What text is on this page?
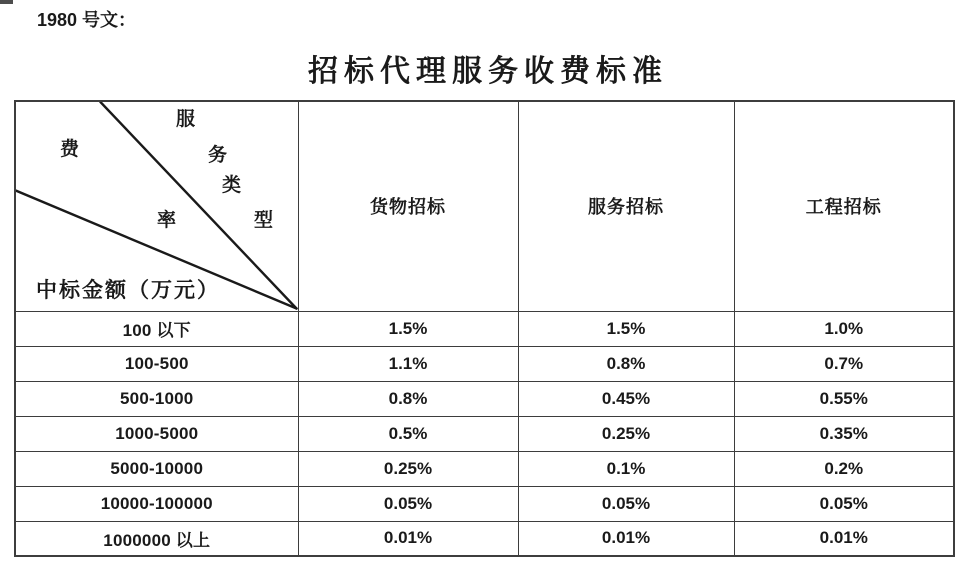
1980 号文：
招标代理服务收费标准
服
务
类
型
费
率
中标金额（万元）
	货物招标	服务招标	工程招标
100 以下	1.5%	1.5%	1.0%
100-500	1.1%	0.8%	0.7%
500-1000	0.8%	0.45%	0.55%
1000-5000	0.5%	0.25%	0.35%
5000-10000	0.25%	0.1%	0.2%
10000-100000	0.05%	0.05%	0.05%
1000000 以上	0.01%	0.01%	0.01%
